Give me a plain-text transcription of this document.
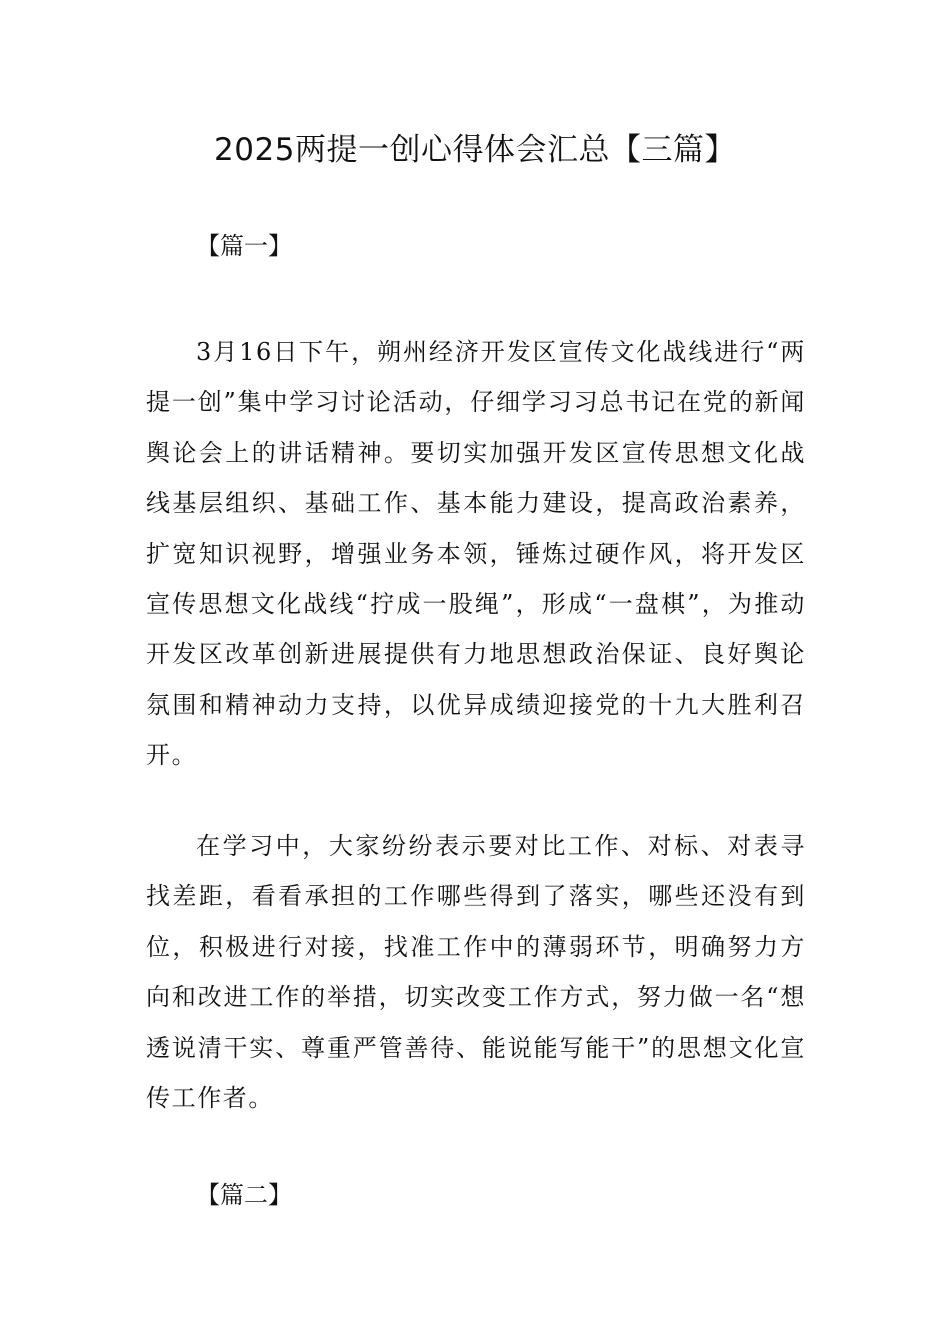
2025两提一创心得体会汇总【三篇】
【篇一】

3月16日下午，朔州经济开发区宣传文化战线进行“两提一创”集中学习讨论活动，仔细学习习总书记在党的新闻舆论会上的讲话精神。要切实加强开发区宣传思想文化战线基层组织、基础工作、基本能力建设，提高政治素养，扩宽知识视野，增强业务本领，锤炼过硬作风，将开发区宣传思想文化战线“拧成一股绳”，形成“一盘棋”，为推动开发区改革创新进展提供有力地思想政治保证、良好舆论氛围和精神动力支持，以优异成绩迎接党的十九大胜利召开。

在学习中，大家纷纷表示要对比工作、对标、对表寻找差距，看看承担的工作哪些得到了落实，哪些还没有到位，积极进行对接，找准工作中的薄弱环节，明确努力方向和改进工作的举措，切实改变工作方式，努力做一名“想透说清干实、尊重严管善待、能说能写能干”的思想文化宣传工作者。

【篇二】
